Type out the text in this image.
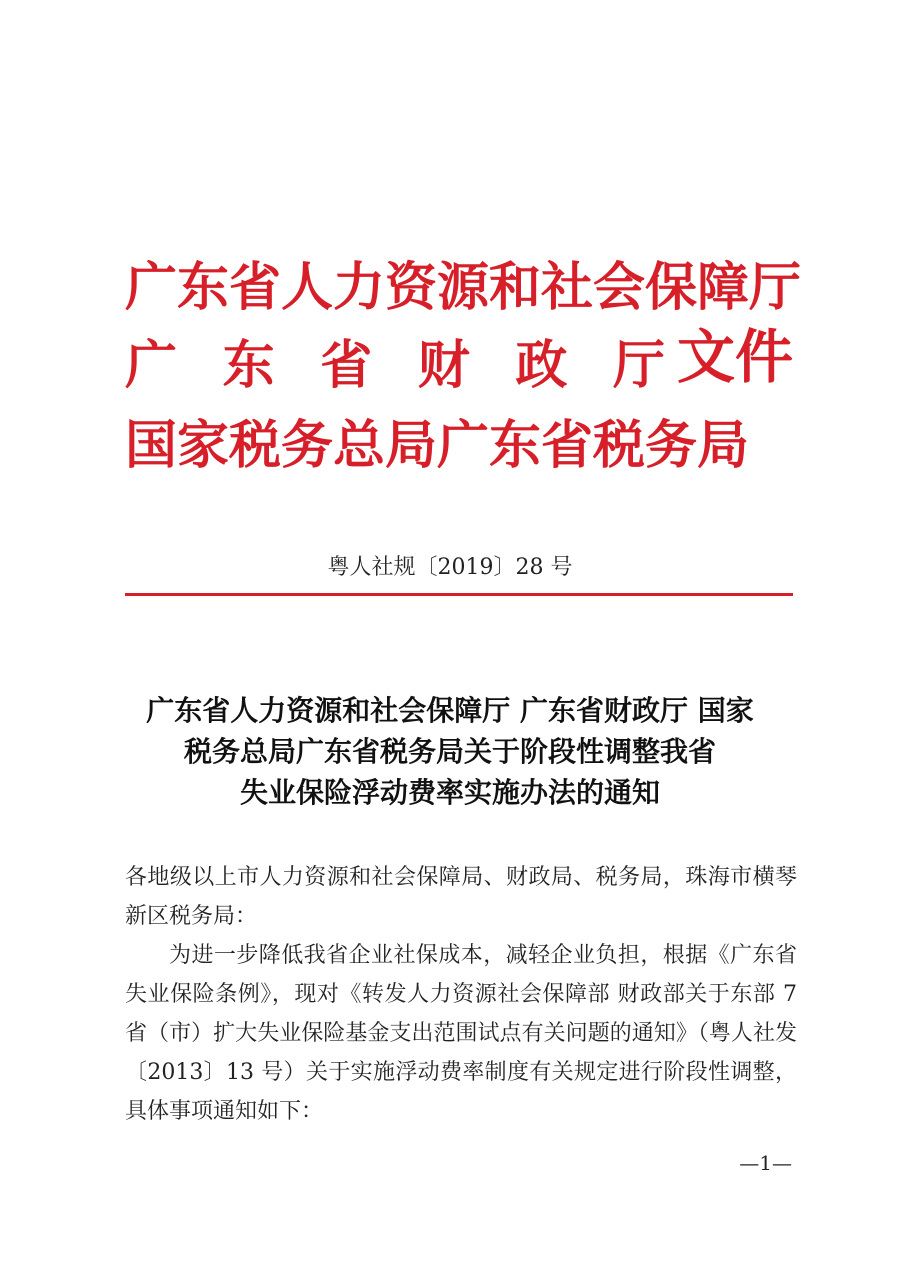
广东省人力资源和社会保障厅
广 东 省 财 政 厅
国家税务总局广东省税务局
文件
粤人社规〔2019〕28 号
广东省人力资源和社会保障厅 广东省财政厅 国家
税务总局广东省税务局关于阶段性调整我省
失业保险浮动费率实施办法的通知

各地级以上市人力资源和社会保障局、财政局、税务局，珠海市横琴新区税务局：

为进一步降低我省企业社保成本，减轻企业负担，根据《广东省失业保险条例》，现对《转发人力资源社会保障部 财政部关于东部 7 省（市）扩大失业保险基金支出范围试点有关问题的通知》（粤人社发〔2013〕13 号）关于实施浮动费率制度有关规定进行阶段性调整，具体事项通知如下：

—1—
